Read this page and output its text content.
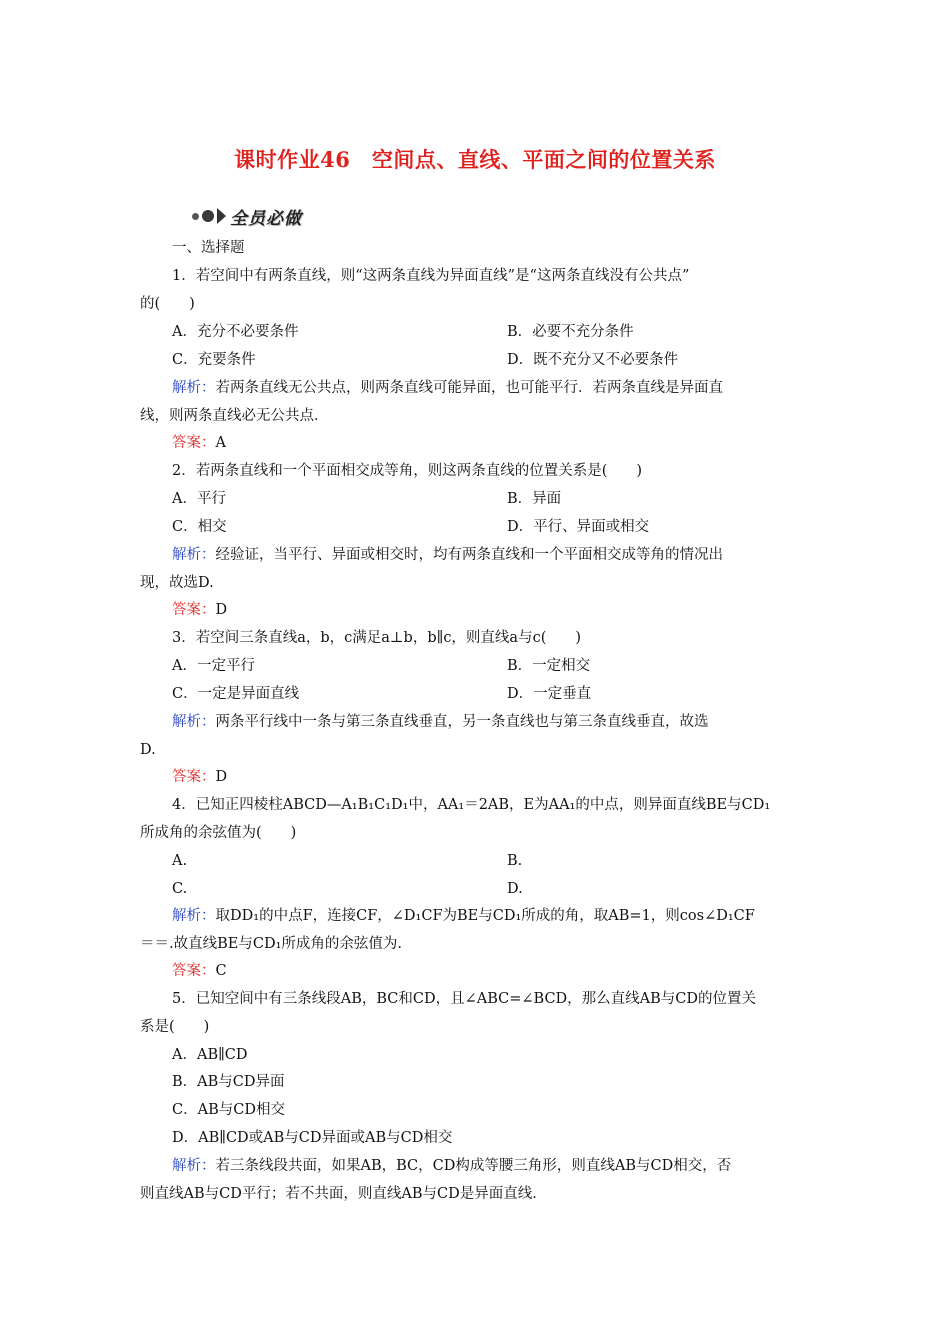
课时作业46　空间点、直线、平面之间的位置关系
全员必做
一、选择题
1．若空间中有两条直线，则“这两条直线为异面直线”是“这两条直线没有公共点”
的(　　)
A．充分不必要条件	B．必要不充分条件
C．充要条件	D．既不充分又不必要条件
解析：若两条直线无公共点，则两条直线可能异面，也可能平行．若两条直线是异面直
线，则两条直线必无公共点．
答案：A
2．若两条直线和一个平面相交成等角，则这两条直线的位置关系是(　　)
A．平行	B．异面
C．相交	D．平行、异面或相交
解析：经验证，当平行、异面或相交时，均有两条直线和一个平面相交成等角的情况出
现，故选D.
答案：D
3．若空间三条直线a，b，c满足a⊥b，b∥c，则直线a与c(　　)
A．一定平行	B．一定相交
C．一定是异面直线	D．一定垂直
解析：两条平行线中一条与第三条直线垂直，另一条直线也与第三条直线垂直，故选
D.
答案：D
4．已知正四棱柱ABCD—A₁B₁C₁D₁中，AA₁＝2AB，E为AA₁的中点，则异面直线BE与CD₁
所成角的余弦值为(　　)
A.	B.
C.	D.
解析：取DD₁的中点F，连接CF，∠D₁CF为BE与CD₁所成的角，取AB=1，则cos∠D₁CF
＝＝.故直线BE与CD₁所成角的余弦值为.
答案：C
5．已知空间中有三条线段AB，BC和CD，且∠ABC=∠BCD，那么直线AB与CD的位置关
系是(　　)
A．AB∥CD
B．AB与CD异面
C．AB与CD相交
D．AB∥CD或AB与CD异面或AB与CD相交
解析：若三条线段共面，如果AB，BC，CD构成等腰三角形，则直线AB与CD相交，否
则直线AB与CD平行；若不共面，则直线AB与CD是异面直线．
